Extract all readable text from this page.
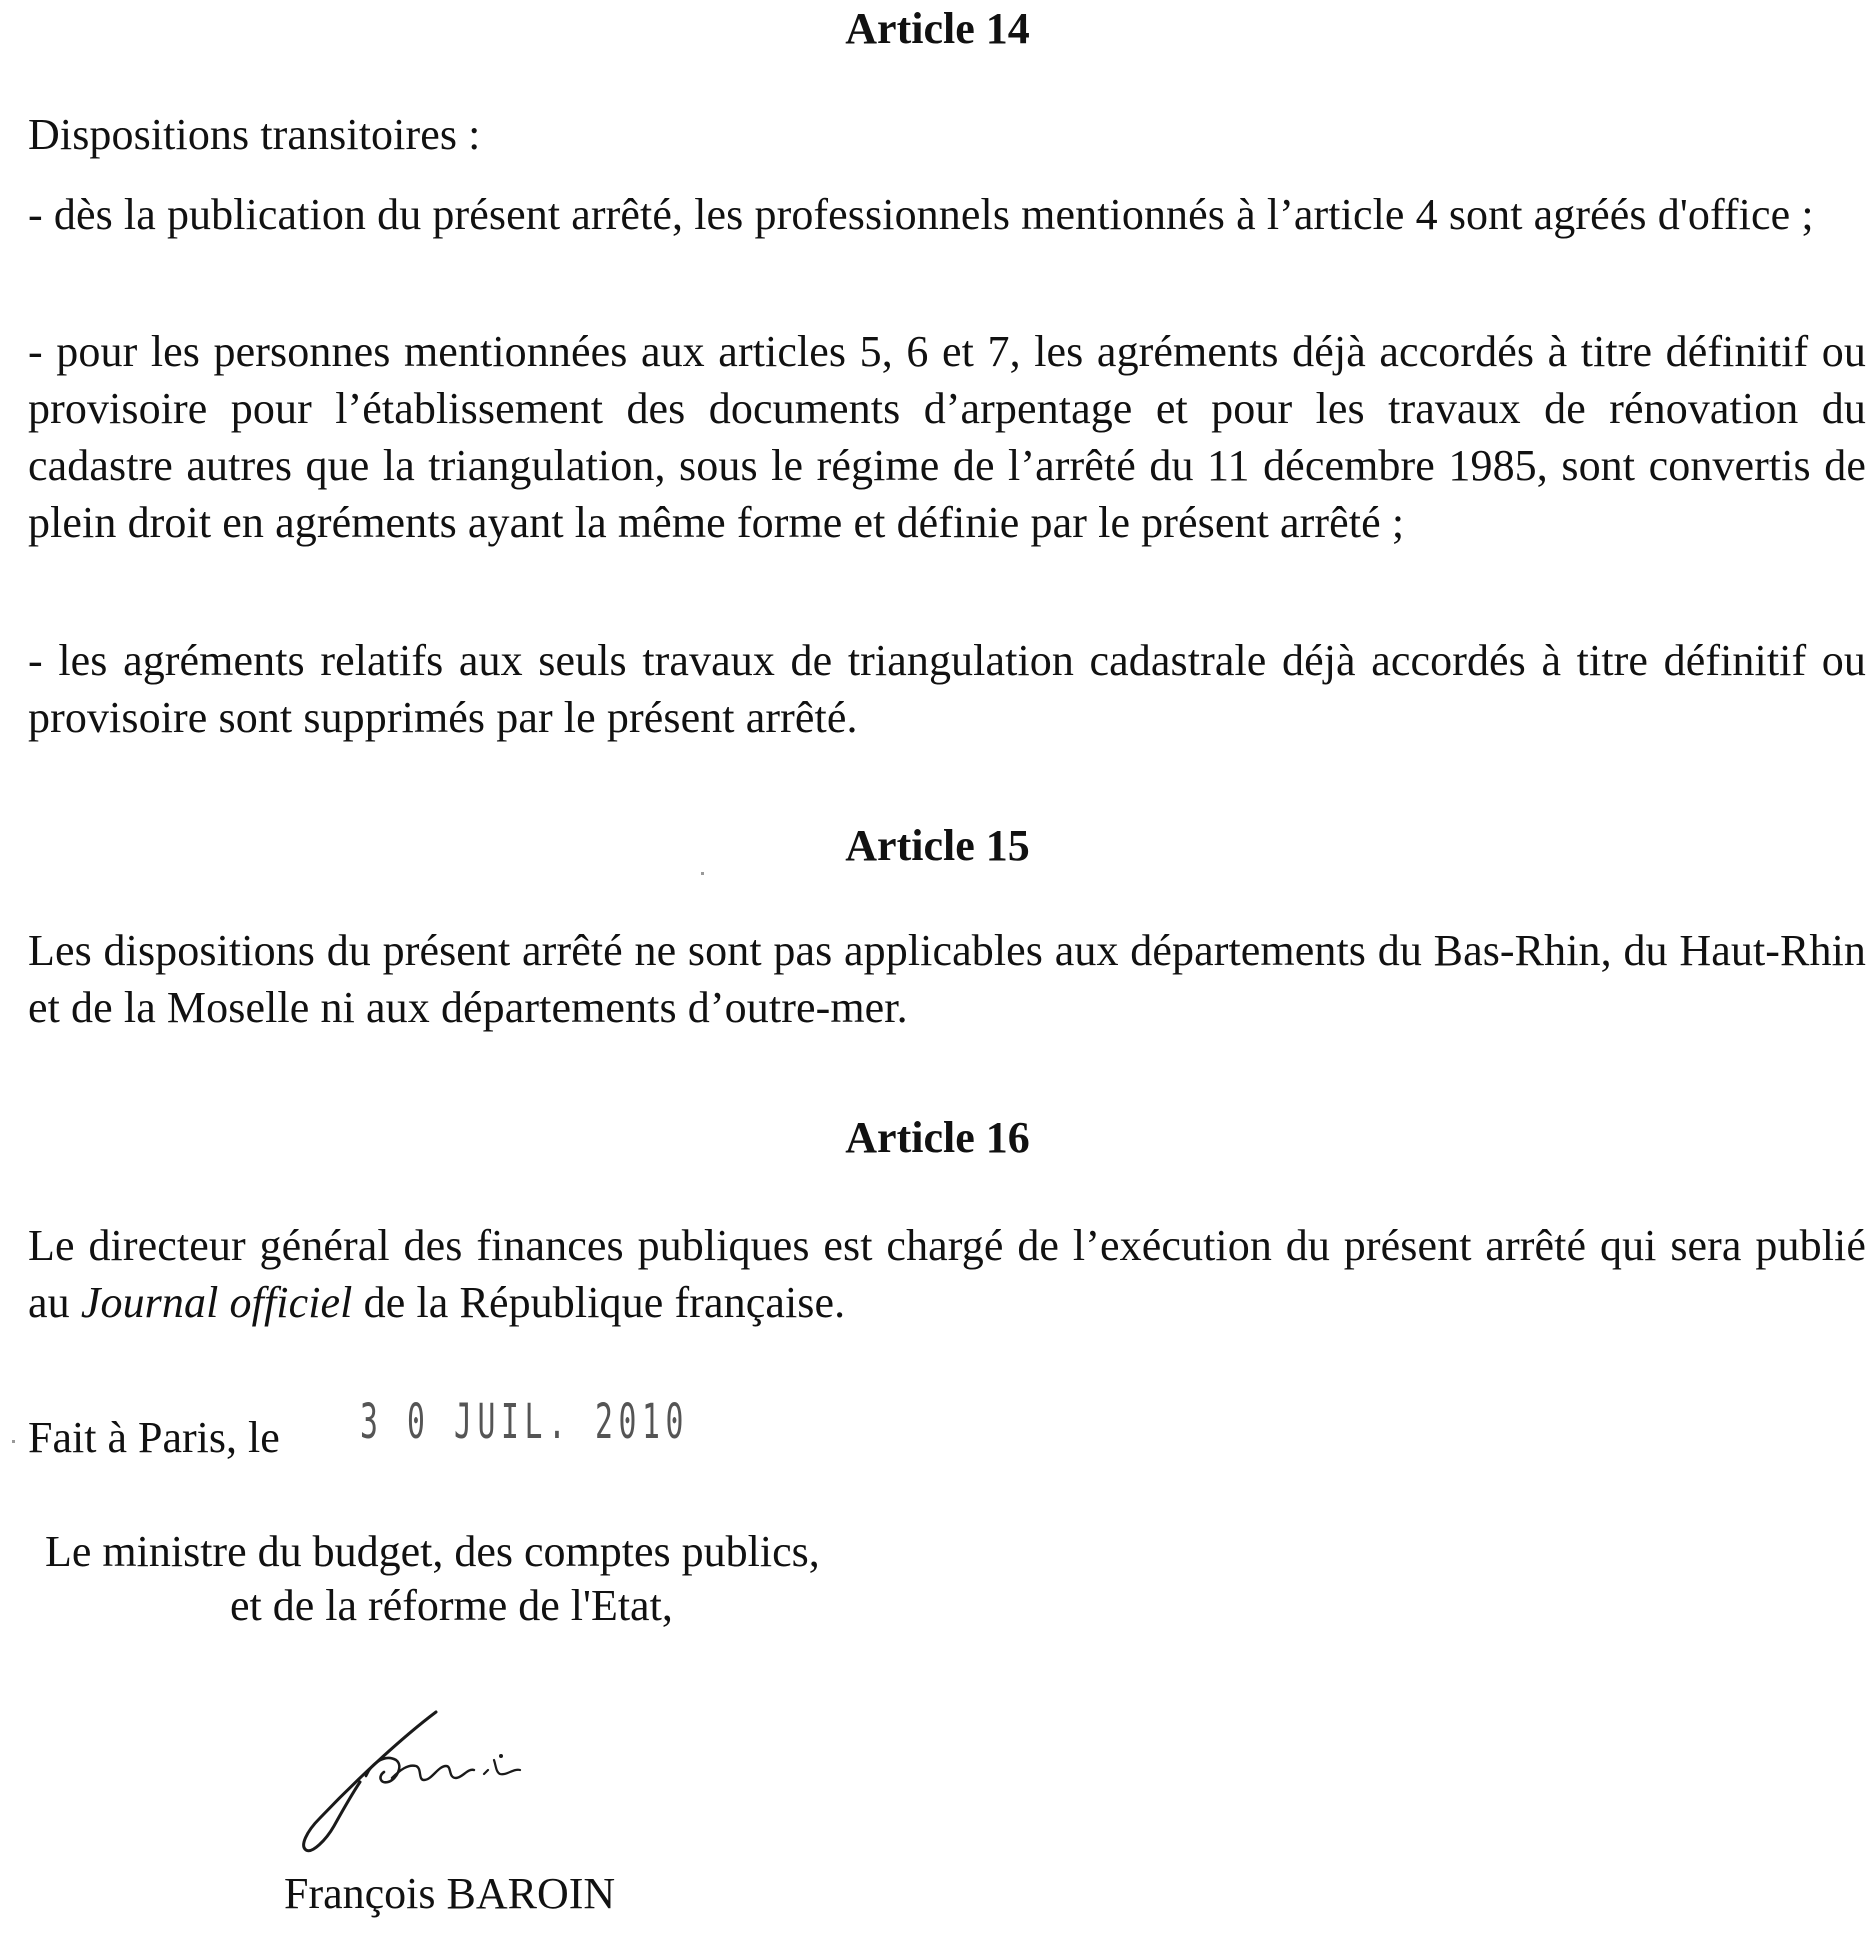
Article 14

Dispositions transitoires :

- dès la publication du présent arrêté, les professionnels mentionnés à l’article 4 sont agréés d'office ;

- pour les personnes mentionnées aux articles 5, 6 et 7, les agréments déjà accordés à titre définitif ou provisoire pour l’établissement des documents d’arpentage et pour les travaux de rénovation du cadastre autres que la triangulation, sous le régime de l’arrêté du 11 décembre 1985, sont convertis de plein droit en agréments ayant la même forme et définie par le présent arrêté ;

- les agréments relatifs aux seuls travaux de triangulation cadastrale déjà accordés à titre définitif ou provisoire sont supprimés par le présent arrêté.

Article 15

Les dispositions du présent arrêté ne sont pas applicables aux départements du Bas-Rhin, du Haut-Rhin et de la Moselle ni aux départements d’outre-mer.

Article 16

Le directeur général des finances publiques est chargé de l’exécution du présent arrêté qui sera publié au Journal officiel de la République française.

Fait à Paris, le 3 0 JUIL. 2010

Le ministre du budget, des comptes publics,

et de la réforme de l'Etat,

François BAROIN
